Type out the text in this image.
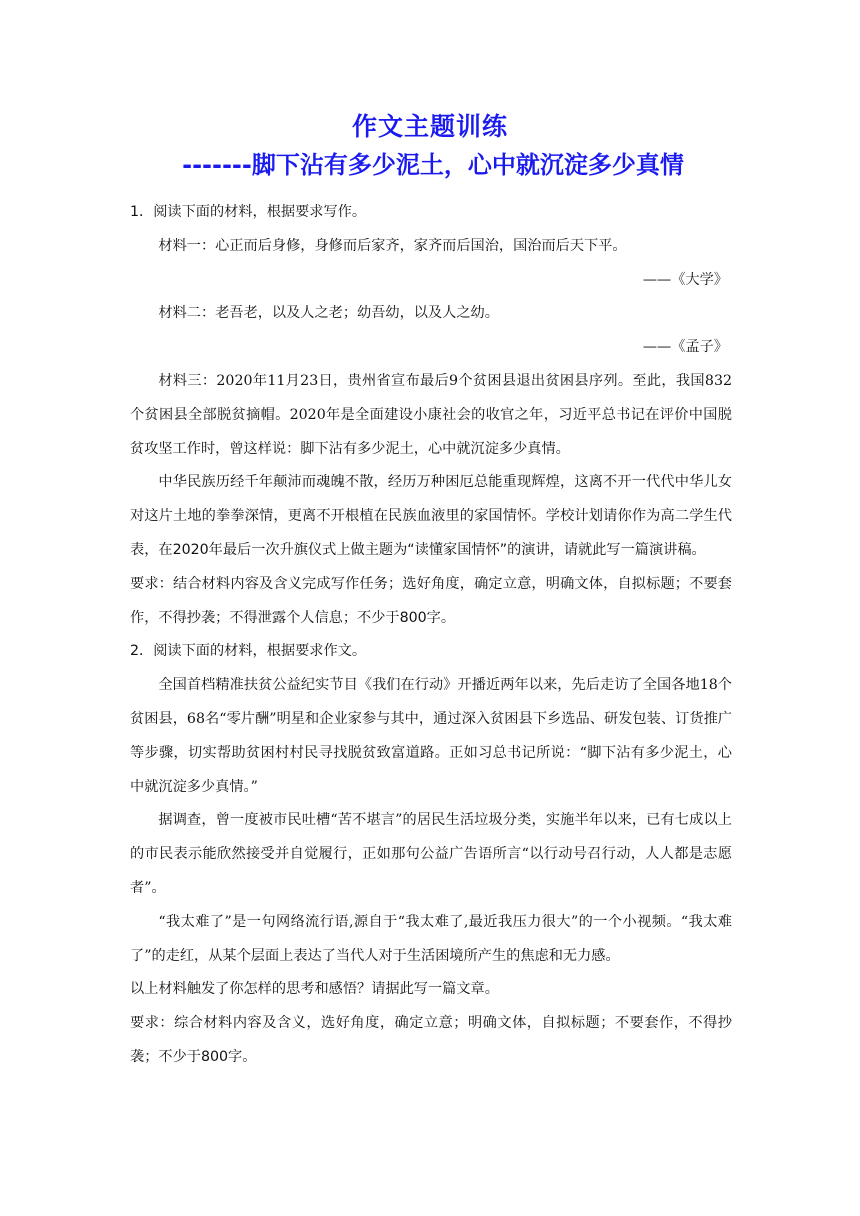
作文主题训练
-------脚下沾有多少泥土，心中就沉淀多少真情

1．阅读下面的材料，根据要求写作。

材料一：心正而后身修，身修而后家齐，家齐而后国治，国治而后天下平。

——《大学》

材料二：老吾老，以及人之老；幼吾幼，以及人之幼。

——《孟子》

材料三：2020年11月23日，贵州省宣布最后9个贫困县退出贫困县序列。至此，我国832个贫困县全部脱贫摘帽。2020年是全面建设小康社会的收官之年，习近平总书记在评价中国脱贫攻坚工作时，曾这样说：脚下沾有多少泥土，心中就沉淀多少真情。

中华民族历经千年颠沛而魂魄不散，经历万种困厄总能重现辉煌，这离不开一代代中华儿女对这片土地的拳拳深情，更离不开根植在民族血液里的家国情怀。学校计划请你作为高二学生代表，在2020年最后一次升旗仪式上做主题为“读懂家国情怀”的演讲，请就此写一篇演讲稿。

要求：结合材料内容及含义完成写作任务；选好角度，确定立意，明确文体，自拟标题；不要套作，不得抄袭；不得泄露个人信息；不少于800字。

2．阅读下面的材料，根据要求作文。

全国首档精准扶贫公益纪实节目《我们在行动》开播近两年以来，先后走访了全国各地18个贫困县，68名“零片酬”明星和企业家参与其中，通过深入贫困县下乡选品、研发包装、订货推广等步骤，切实帮助贫困村村民寻找脱贫致富道路。正如习总书记所说：“脚下沾有多少泥土，心中就沉淀多少真情。”

据调查，曾一度被市民吐槽“苦不堪言”的居民生活垃圾分类，实施半年以来，已有七成以上的市民表示能欣然接受并自觉履行，正如那句公益广告语所言“以行动号召行动，人人都是志愿者”。

“我太难了”是一句网络流行语,源自于“我太难了,最近我压力很大”的一个小视频。“我太难了”的走红，从某个层面上表达了当代人对于生活困境所产生的焦虑和无力感。

以上材料触发了你怎样的思考和感悟？请据此写一篇文章。

要求：综合材料内容及含义，选好角度，确定立意；明确文体，自拟标题；不要套作，不得抄袭；不少于800字。
